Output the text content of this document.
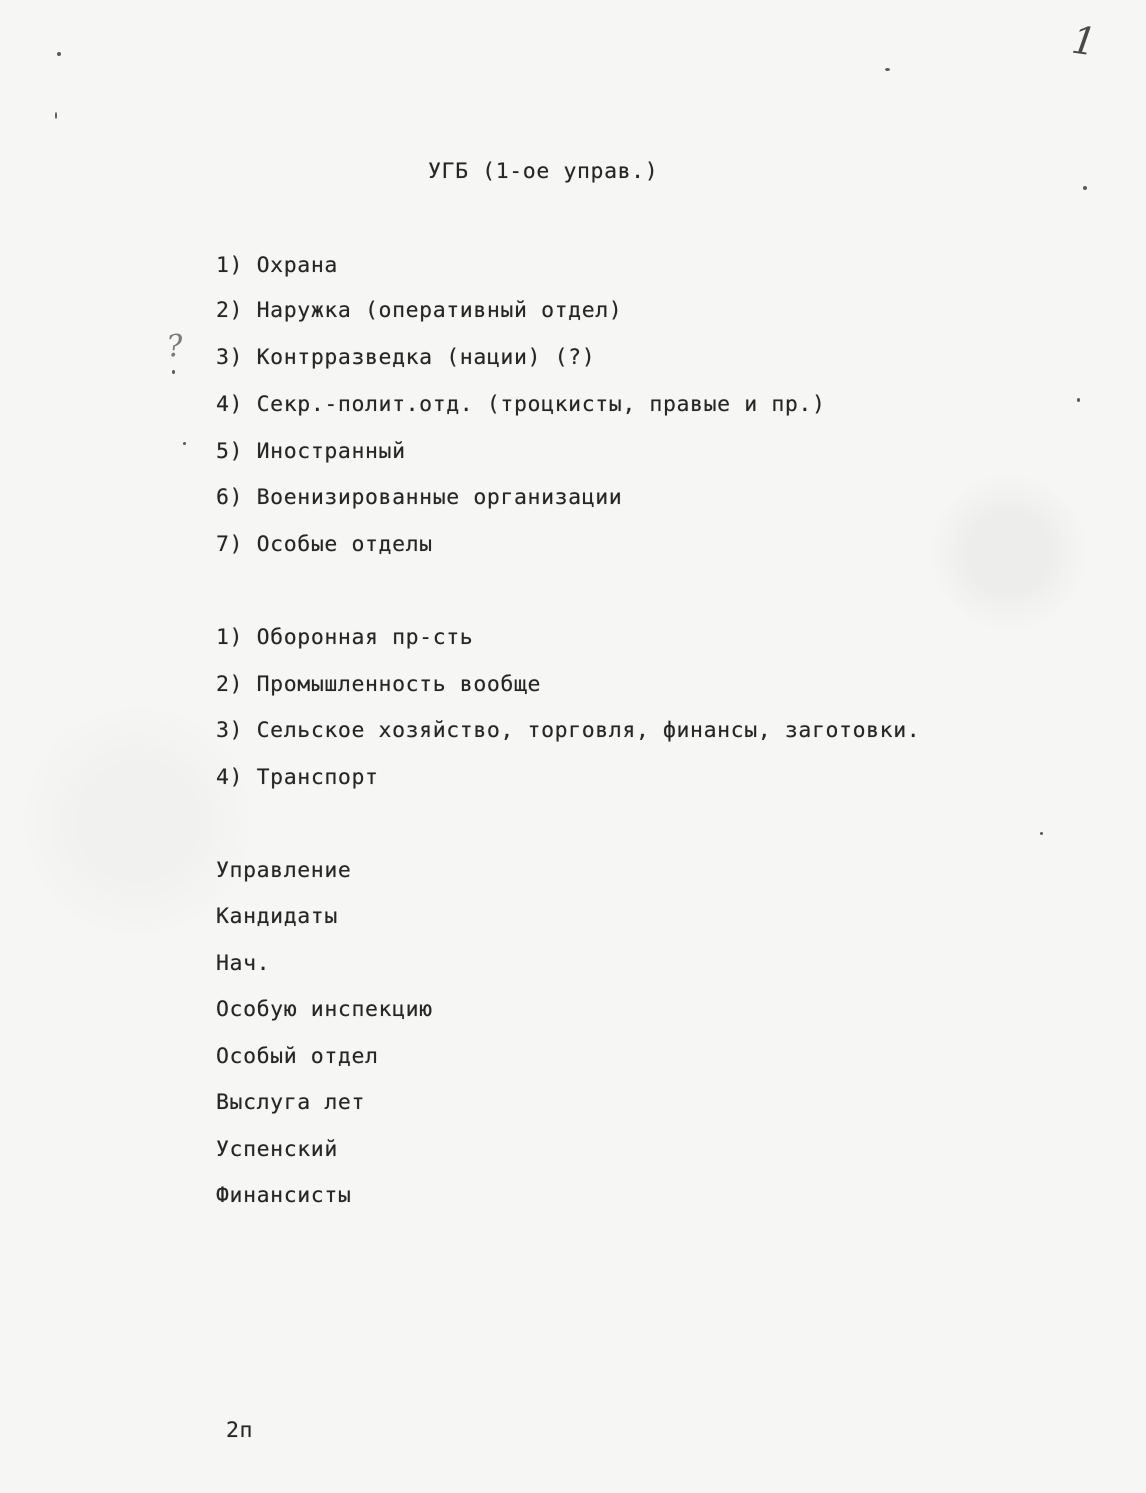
1
?
УГБ (1-ое управ.)
1) Охрана
2) Наружка (оперативный отдел)
3) Контрразведка (нации) (?)
4) Секр.-полит.отд. (троцкисты, правые и пр.)
5) Иностранный
6) Военизированные организации
7) Особые отделы
1) Оборонная пр-сть
2) Промышленность вообще
3) Сельское хозяйство, торговля, финансы, заготовки.
4) Транспорт
Управление
Кандидаты
Нач.
Особую инспекцию
Особый отдел
Выслуга лет
Успенский
Финансисты
2п
